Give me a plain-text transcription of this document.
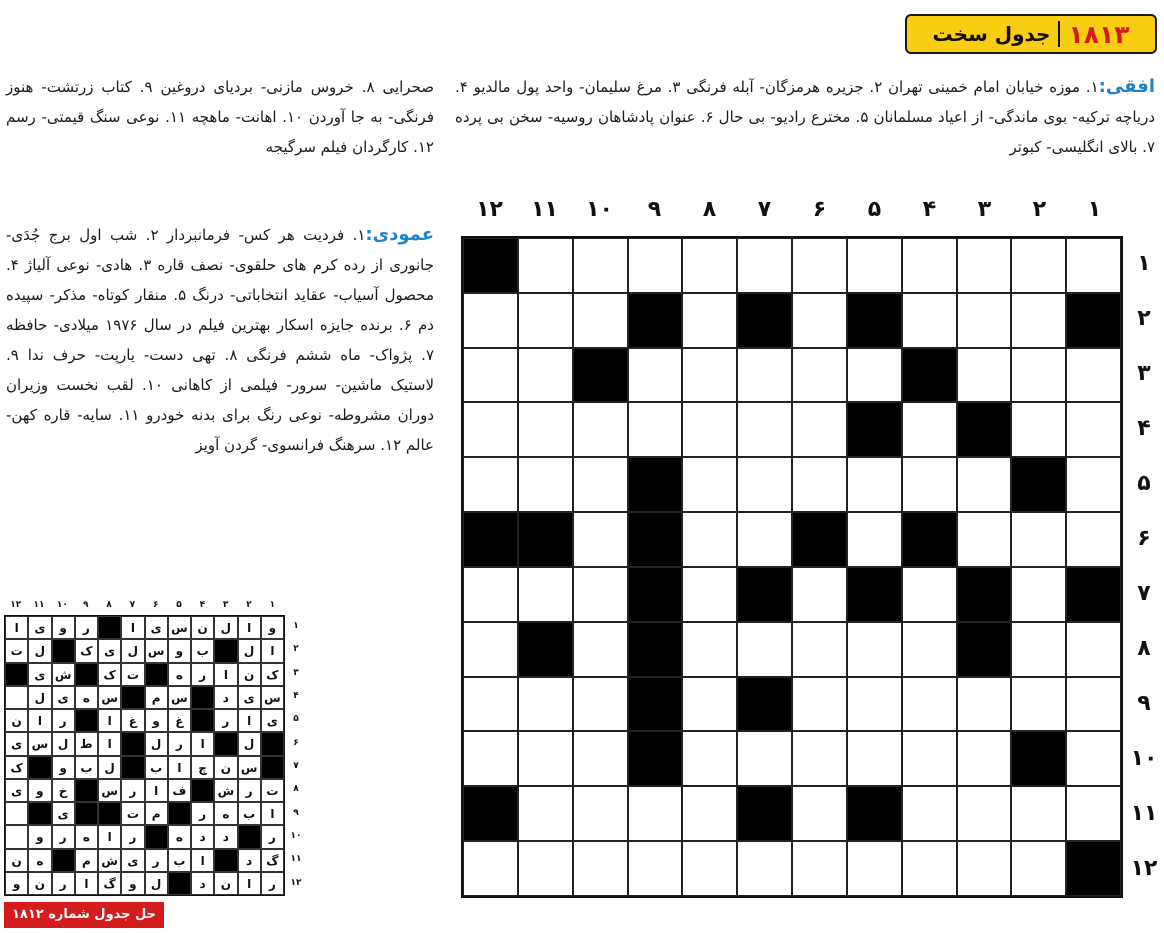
جدول سخت ۱۸۱۳
افقی:۱. موزه خیابان امام خمینی تهران ۲. جزیره هرمزگان- آبله فرنگی ۳. مرغ سلیمان- واحد پول مالدیو ۴. دریاچه ترکیه- بوی ماندگی- از اعیاد مسلمانان ۵. مخترع رادیو- بی حال ۶. عنوان پادشاهان روسیه- سخن بی پرده ۷. بالای انگلیسی- کبوتر
صحرایی ۸. خروس مازنی- بردیای دروغین ۹. کتاب زرتشت- هنوز فرنگی- به جا آوردن ۱۰. اهانت- ماهچه ۱۱. نوعی سنگ قیمتی- رسم ۱۲. کارگردان فیلم سرگیجه
عمودی:۱. فردیت هر کس- فرمانبردار ۲. شب اول برج جُدَی- جانوری از رده کرم های حلقوی- نصف قاره ۳. هادی- نوعی آلیاژ ۴. محصول آسیاب- عقاید انتخاباتی- درنگ ۵. منقار کوتاه- مذکر- سپیده دم ۶. برنده جایزه اسکار بهترین فیلم در سال ۱۹۷۶ میلادی- حافظه ۷. پژواک- ماه ششم فرنگی ۸. تهی دست- یارپت- حرف ندا ۹. لاستیک ماشین- سرور- فیلمی از کاهانی ۱۰. لقب نخست وزیران دوران مشروطه- نوعی رنگ برای بدنه خودرو ۱۱. سایه- قاره کهن- عالم ۱۲. سرهنگ فرانسوی- گردن آویز
۱
۲
۳
۴
۵
۶
۷
۸
۹
۱۰
۱۱
۱۲
۱
۲
۳
۴
۵
۶
۷
۸
۹
۱۰
۱۱
۱۲
۱
۲
۳
۴
۵
۶
۷
۸
۹
۱۰
۱۱
۱۲
۱
۲
۳
۴
۵
۶
۷
۸
۹
۱۰
۱۱
۱۲
و
ا
ل
ن
س
ی
ا
ر
و
ی
ا
ا
ل
ب
و
س
ل
ی
ک
ل
ت
ک
ن
ا
ر
ه
ت
ک
ش
ی
س
ی
د
س
م
س
ه
ی
ل
ی
ا
ر
غ
و
غ
ا
ر
ا
ن
ل
ا
ر
ل
ا
ط
ل
س
ی
س
ن
چ
ا
ب
ل
ب
و
ک
ت
ر
ش
ف
ا
ر
س
خ
و
ی
ا
ب
ه
ر
م
ت
ی
ر
د
د
ه
ر
ا
ه
ر
و
گ
د
ا
ب
ر
ی
ش
م
ه
ن
ر
ا
ن
د
ل
و
گ
ا
ر
ن
و
حل جدول شماره ۱۸۱۲
